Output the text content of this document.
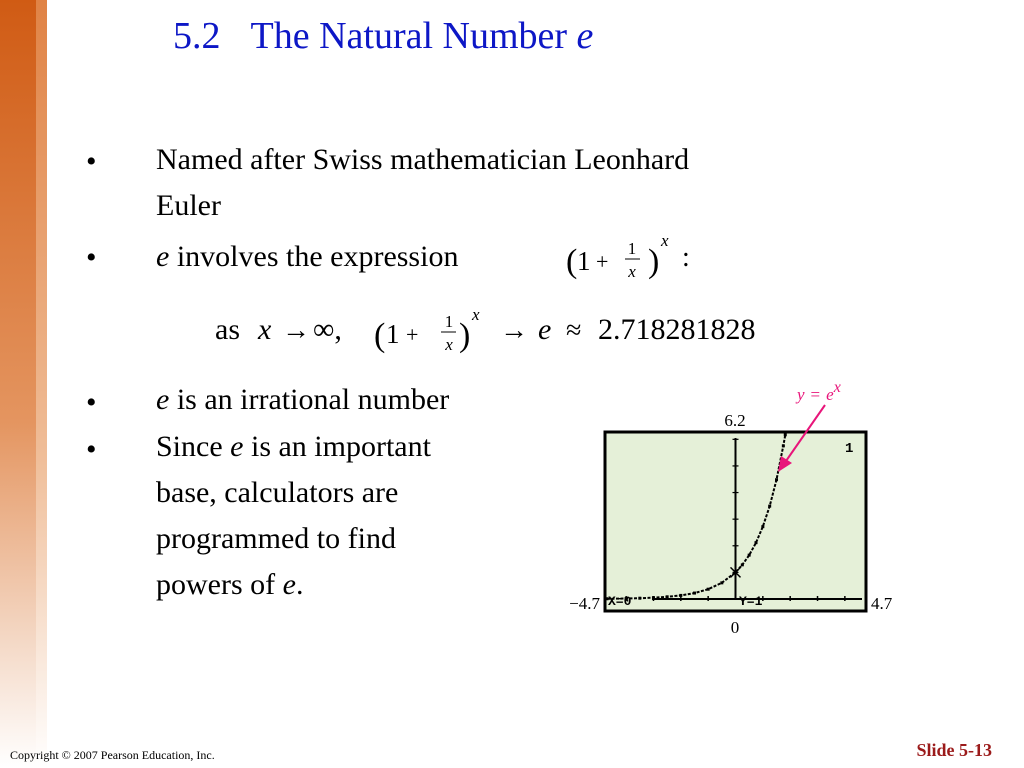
5.2 The Natural Number e
• Named after Swiss mathematician Leonhard
Euler
• e involves the expression
• e is an irrational number
• Since e is an important
base, calculators are
programmed to find
powers of e.
( 1 +
1
x )
x
:
as x → ∞, ( 1 +
1
x )
x
→ e ≈ 2.718281828
X=0	Y=1
1
6.2
0
−4.7	4.7
y = ex
Copyright © 2007 Pearson Education, Inc.	Slide 5-13
